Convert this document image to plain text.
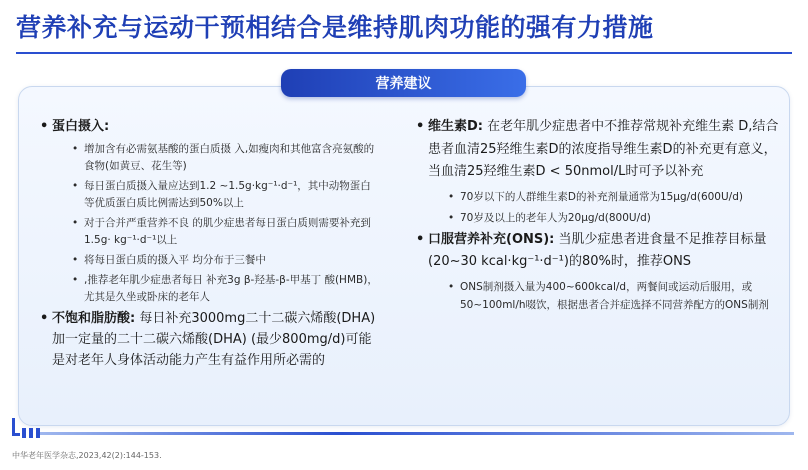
营养补充与运动干预相结合是维持肌肉功能的强有力措施
营养建议
• 蛋白摄入:
• 增加含有必需氨基酸的蛋白质摄 入,如瘦肉和其他富含亮氨酸的食物(如黄豆、花生等)
• 每日蛋白质摄入量应达到1.2 ~1.5g·kg⁻¹·d⁻¹，其中动物蛋白等优质蛋白质比例需达到50%以上
• 对于合并严重营养不良 的肌少症患者每日蛋白质则需要补充到1.5g· kg⁻¹·d⁻¹以上
• 将每日蛋白质的摄入平 均分布于三餐中
• ,推荐老年肌少症患者每日 补充3g β-羟基-β-甲基丁 酸(HMB)，尤其是久坐或卧床的老年人
• 不饱和脂肪酸: 每日补充3000mg二十二碳六烯酸(DHA)加一定量的二十二碳六烯酸(DHA) (最少800mg/d)可能是对老年人身体活动能力产生有益作用所必需的
• 维生素D: 在老年肌少症患者中不推荐常规补充维生素 D,结合患者血清25羟维生素D的浓度指导维生素D的补充更有意义，当血清25羟维生素D < 50nmol/L时可予以补充
• 70岁以下的人群维生素D的补充剂量通常为15μg/d(600U/d)
• 70岁及以上的老年人为20μg/d(800U/d)
• 口服营养补充(ONS): 当肌少症患者进食量不足推荐目标量(20~30 kcal·kg⁻¹·d⁻¹)的80%时，推荐ONS
• ONS制剂摄入量为400~600kcal/d，两餐间或运动后服用，或50~100ml/h啜饮，根据患者合并症选择不同营养配方的ONS制剂
中华老年医学杂志,2023,42(2):144-153.
